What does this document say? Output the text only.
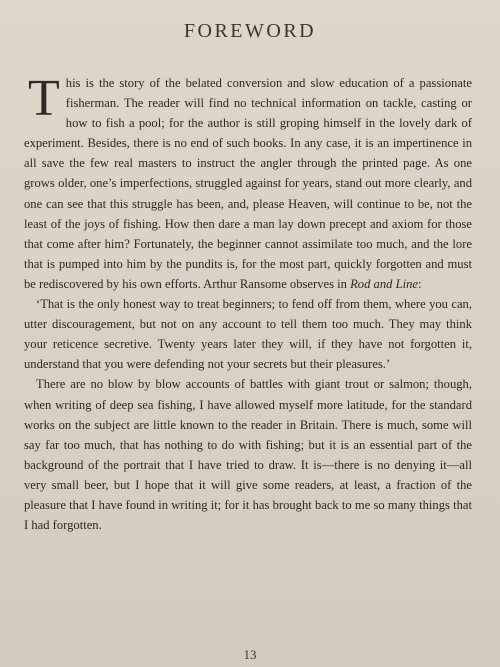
FOREWORD

This is the story of the belated conversion and slow education of a passionate fisherman. The reader will find no technical information on tackle, casting or how to fish a pool; for the author is still groping himself in the lovely dark of experiment. Besides, there is no end of such books. In any case, it is an impertinence in all save the few real masters to instruct the angler through the printed page. As one grows older, one’s imperfections, struggled against for years, stand out more clearly, and one can see that this struggle has been, and, please Heaven, will continue to be, not the least of the joys of fishing. How then dare a man lay down precept and axiom for those that come after him? Fortunately, the beginner cannot assimilate too much, and the lore that is pumped into him by the pundits is, for the most part, quickly forgotten and must be rediscovered by his own efforts. Arthur Ransome observes in Rod and Line:

‘That is the only honest way to treat beginners; to fend off from them, where you can, utter discouragement, but not on any account to tell them too much. They may think your reticence secretive. Twenty years later they will, if they have not forgotten it, understand that you were defending not your secrets but their pleasures.’

There are no blow by blow accounts of battles with giant trout or salmon; though, when writing of deep sea fishing, I have allowed myself more latitude, for the standard works on the subject are little known to the reader in Britain. There is much, some will say far too much, that has nothing to do with fishing; but it is an essential part of the background of the portrait that I have tried to draw. It is—there is no denying it—all very small beer, but I hope that it will give some readers, at least, a fraction of the pleasure that I have found in writing it; for it has brought back to me so many things that I had forgotten.

13
